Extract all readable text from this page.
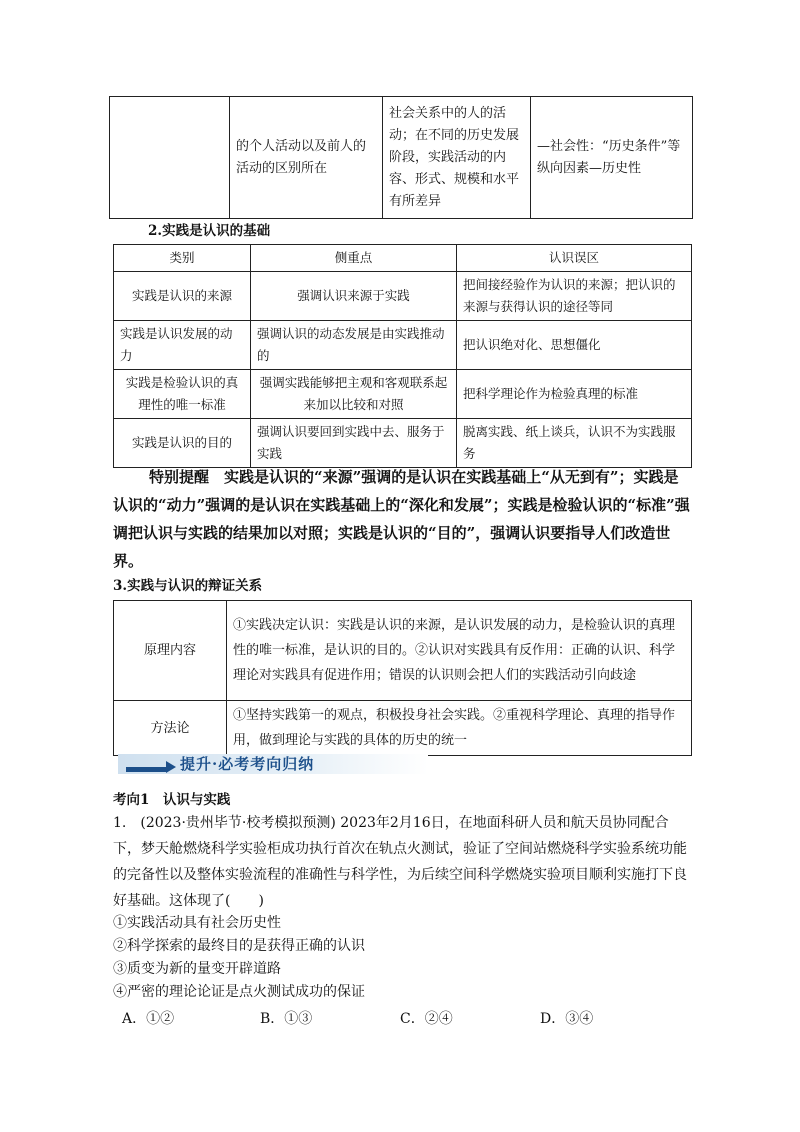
	的个人活动以及前人的活动的区别所在	社会关系中的人的活动；在不同的历史发展阶段，实践活动的内容、形式、规模和水平有所差异	—社会性：“历史条件”等纵向因素—历史性
2.实践是认识的基础
类别	侧重点	认识误区
实践是认识的来源	强调认识来源于实践	把间接经验作为认识的来源；把认识的来源与获得认识的途径等同
实践是认识发展的动力	强调认识的动态发展是由实践推动的	把认识绝对化、思想僵化
实践是检验认识的真理性的唯一标准	强调实践能够把主观和客观联系起来加以比较和对照	把科学理论作为检验真理的标准
实践是认识的目的	强调认识要回到实践中去、服务于实践	脱离实践、纸上谈兵，认识不为实践服务
特别提醒　实践是认识的“来源”强调的是认识在实践基础上“从无到有”；实践是认识的“动力”强调的是认识在实践基础上的“深化和发展”；实践是检验认识的“标准”强调把认识与实践的结果加以对照；实践是认识的“目的”，强调认识要指导人们改造世界。
3.实践与认识的辩证关系
原理内容	①实践决定认识：实践是认识的来源，是认识发展的动力，是检验认识的真理性的唯一标准，是认识的目的。②认识对实践具有反作用：正确的认识、科学理论对实践具有促进作用；错误的认识则会把人们的实践活动引向歧途
方法论	①坚持实践第一的观点，积极投身社会实践。②重视科学理论、真理的指导作用，做到理论与实践的具体的历史的统一
提升·必考考向归纳
考向1　认识与实践
1.　(2023·贵州毕节·校考模拟预测) 2023年2月16日，在地面科研人员和航天员协同配合下，梦天舱燃烧科学实验柜成功执行首次在轨点火测试，验证了空间站燃烧科学实验系统功能的完备性以及整体实验流程的准确性与科学性，为后续空间科学燃烧实验项目顺利实施打下良好基础。这体现了(　　)
①实践活动具有社会历史性
②科学探索的最终目的是获得正确的认识
③质变为新的量变开辟道路
④严密的理论论证是点火测试成功的保证
A．①②	B．①③	C．②④	D．③④
